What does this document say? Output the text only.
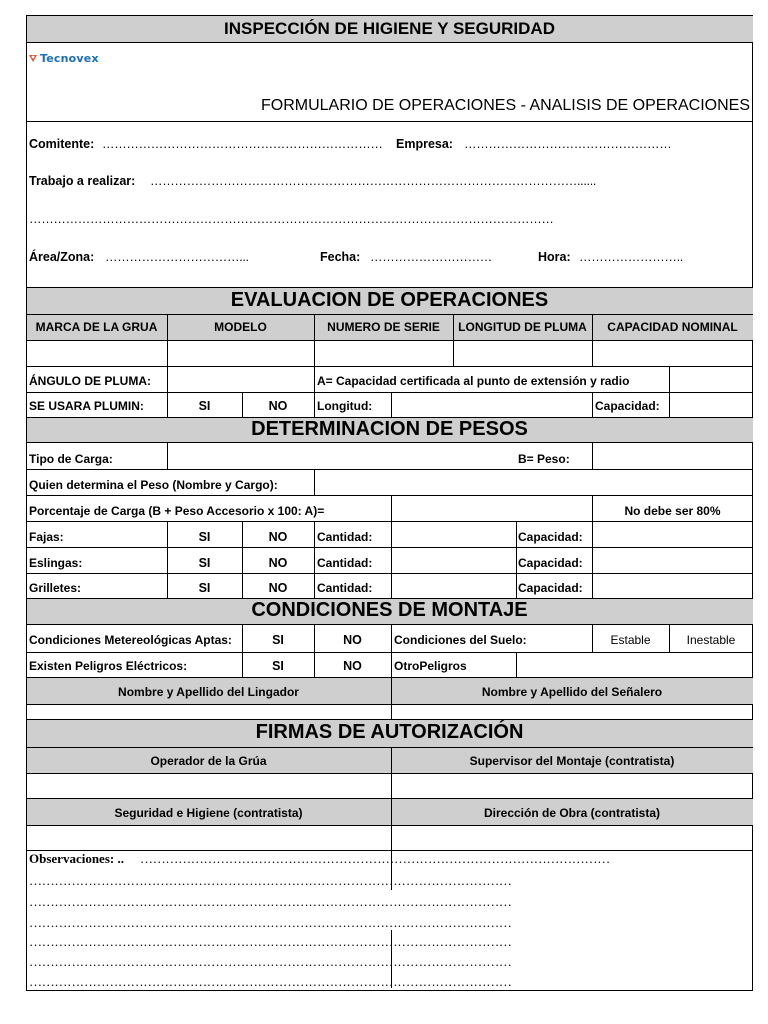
INSPECCIÓN DE HIGIENE Y SEGURIDAD
Tecnovex
FORMULARIO DE OPERACIONES - ANALISIS DE OPERACIONES
Comitente: …………………………………………………………… Empresa: ……………………………………………
Trabajo a realizar: ……………………………………………………………………………………………......
…………………………………………………………………………………………………………………
Área/Zona: ……………………………...	Fecha: …………………………	Hora: ……………………..
EVALUACION DE OPERACIONES
MARCA DE LA GRUA	MODELO	NUMERO DE SERIE	LONGITUD DE PLUMA	CAPACIDAD NOMINAL
ÁNGULO DE PLUMA:	A= Capacidad certificada al punto de extensión y radio
SE USARA PLUMIN:	SI	NO	Longitud:	Capacidad:
DETERMINACION DE PESOS
Tipo de Carga:	B= Peso:
Quien determina el Peso (Nombre y Cargo):
Porcentaje de Carga (B + Peso Accesorio x 100: A)=	No debe ser 80%
Fajas:	SI	NO	Cantidad:	Capacidad:
Eslingas:	SI	NO	Cantidad:	Capacidad:
Grilletes:	SI	NO	Cantidad:	Capacidad:
CONDICIONES DE MONTAJE
Condiciones Metereológicas Aptas:	SI	NO	Condiciones del Suelo:	Estable	Inestable
Existen Peligros Eléctricos:	SI	NO	OtroPeligros
Nombre y Apellido del Lingador	Nombre y Apellido del Señalero
FIRMAS DE AUTORIZACIÓN
Operador de la Grúa	Supervisor del Montaje (contratista)
Seguridad e Higiene (contratista)	Dirección de Obra (contratista)
Observaciones: .. …………………………………………………………………………………………………
……………………………………………………………………………………………………
……………………………………………………………………………………………………
……………………………………………………………………………………………………
……………………………………………………………………………………………………
……………………………………………………………………………………………………
……………………………………………………………………………………………………
